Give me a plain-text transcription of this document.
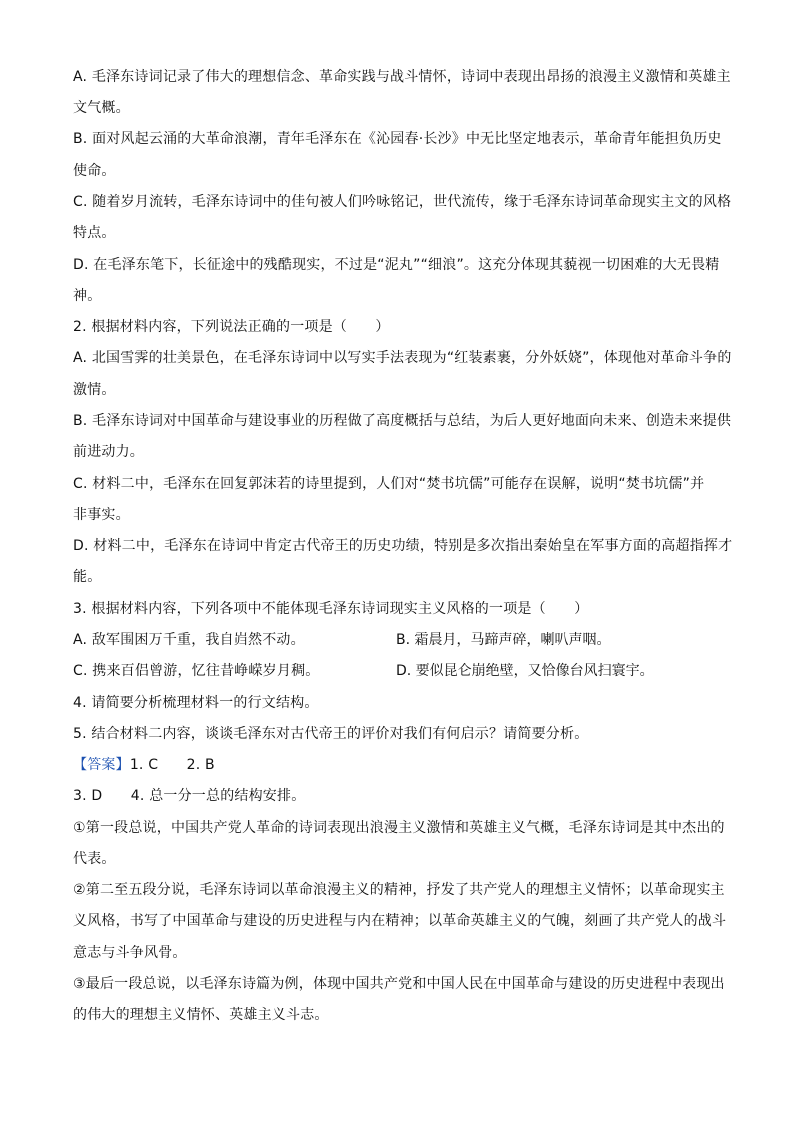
A. 毛泽东诗词记录了伟大的理想信念、革命实践与战斗情怀，诗词中表现出昂扬的浪漫主义激情和英雄主
文气概。
B. 面对风起云涌的大革命浪潮，青年毛泽东在《沁园春·长沙》中无比坚定地表示，革命青年能担负历史
使命。
C. 随着岁月流转，毛泽东诗词中的佳句被人们吟咏铭记，世代流传，缘于毛泽东诗词革命现实主文的风格
特点。
D. 在毛泽东笔下，长征途中的残酷现实，不过是“泥丸”“细浪”。这充分体现其藐视一切困难的大无畏精
神。
2. 根据材料内容，下列说法正确的一项是（　　）
A. 北国雪霁的壮美景色，在毛泽东诗词中以写实手法表现为“红装素裹，分外妖娆”，体现他对革命斗争的
激情。
B. 毛泽东诗词对中国革命与建设事业的历程做了高度概括与总结，为后人更好地面向未来、创造未来提供
前进动力。
C. 材料二中，毛泽东在回复郭沫若的诗里提到，人们对“焚书坑儒”可能存在误解，说明“焚书坑儒”并
非事实。
D. 材料二中，毛泽东在诗词中肯定古代帝王的历史功绩，特别是多次指出秦始皇在军事方面的高超指挥才
能。
3. 根据材料内容，下列各项中不能体现毛泽东诗词现实主义风格的一项是（　　）
A. 敌军围困万千重，我自岿然不动。	B. 霜晨月，马蹄声碎，喇叭声咽。
C. 携来百侣曾游，忆往昔峥嵘岁月稠。	D. 要似昆仑崩绝壁，又恰像台风扫寰宇。
4. 请简要分析梳理材料一的行文结构。
5. 结合材料二内容，谈谈毛泽东对古代帝王的评价对我们有何启示？请简要分析。
【答案】1. C　　2. B
3. D　　4. 总一分一总的结构安排。
①第一段总说，中国共产党人革命的诗词表现出浪漫主义激情和英雄主义气概，毛泽东诗词是其中杰出的
代表。
②第二至五段分说，毛泽东诗词以革命浪漫主义的精神，抒发了共产党人的理想主义情怀；以革命现实主
义风格，书写了中国革命与建设的历史进程与内在精神；以革命英雄主义的气魄，刻画了共产党人的战斗
意志与斗争风骨。
③最后一段总说，以毛泽东诗篇为例，体现中国共产党和中国人民在中国革命与建设的历史进程中表现出
的伟大的理想主义情怀、英雄主义斗志。
